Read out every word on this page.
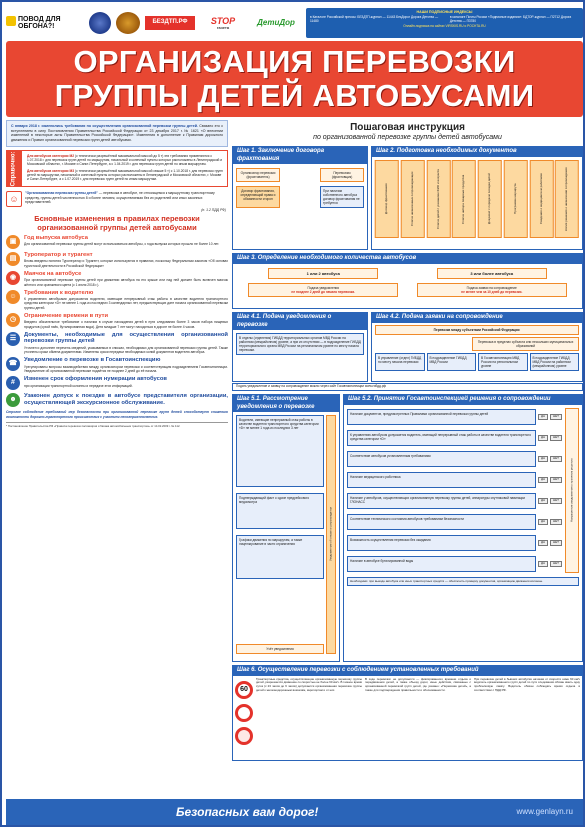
ПОВОД ДЛЯ ОБГОНА?!
БЕЗДТП.РФ	STOP
газета	ДетиДор
НАШИ ПОДПИСНЫЕ ИНДЕКСЫ
в Каталоге Российской прессы: БЕЗДТП-журнал — 11443 БезДорог Дорога Детства — 11480
в каталоге Почты России «Подписные издания»: БДТОР-журнал — П2712 Дорога Детства — П3780
Онлайн-подписка на сайтах VIRSKIS.RU и POCHTA.RU
ОРГАНИЗАЦИЯ ПЕРЕВОЗКИ
ГРУППЫ ДЕТЕЙ АВТОБУСАМИ
С января 2018 г. изменились требования по осуществлению организованной перевозки группы детей. Связано это с вступлением в силу Постановления Правительства Российской Федерации от 23 декабря 2017 г. № 1621 «О внесении изменений в некоторые акты Правительства Российской Федерации». Изменения в дополнение к Правилам дорожного движения и Правил организованной перевозки групп детей автобусами.
Справочно:	Для автобусов категории М2 (с технически разрешённой максимальной массой до 5 т) эти требования применяются с 1.07.2018 г. для перевозок групп детей по маршрутам, начальный и конечный пункты которых расположены в Ленинградской и Московской областях, г. Москве и Санкт-Петербурге, а с 1.04.2019 г. для перевозок групп детей по иным маршрутам.

Для автобусов категории М3 (с технически разрешённой максимальной массой свыше 5 т) с 1.10.2018 г. для перевозок групп детей по маршрутам, начальный и конечный пункты которых расположены в Ленинградской и Московской областях, г. Москве и Санкт-Петербурге, а с 1.07.2019 г. для перевозок групп детей по иным маршрутам.

☺
"Организованная перевозка группы детей" — перевозка в автобусе, не относящемся к маршрутному транспортному средству, группы детей численностью 8 и более человек, осуществляемая без их родителей или иных законных представителей.
(п. 1.2 ПДД РФ)
Бсновные изменения в правилах перевозки организованной группы детей автобусами
▣	Год выпуска автобуса
Для организованной перевозки группы детей могут использоваться автобусы, с года выпуска которых прошло не более 10 лет.
▤	Туроператор и турагент
Вновь введены понятия Туроператор и Турагент, которые используются в правилах, поскольку Федеральным законом «Об основах туристской деятельности в Российской Федерации»
◉	Маячок на автобусе
При организованной перевозке группы детей при движении автобуса на его крыше или над ней должен быть включен маячок жёлтого или оранжевого цвета (с 1 июля 2018 г.).
☺	Требования к водителю
К управлению автобусами допускаются водители, имеющие непрерывный стаж работы в качестве водителя транспортного средства категории «D» не менее 1 года из последних 3 календарных лет, предшествующих дате начала организованной перевозки группы детей.
◷	Ограничение времени в пути
Введено обязательное требование о наличии в случае нахождения детей в пути следования более 3 часов набора пищевых продуктов (сухой паёк, бутилированная вода). Дети младше 7 лет могут находиться в дороге не более 4 часов.
☰	Документы, необходимые для осуществления организованной перевозки группы детей
Уточнен и дополнен перечень сведений, указываемых в списках, необходимых для организованной перевозки группы детей. Также уточнены сроки обмена документами. Изменены сроки передачи необходимых копий документов водителю автобуса.
☎	Уведомление о перевозке в Госавтоинспекцию
Урегулированы вопросы взаимодействия между организатором перевозки и соответствующим подразделением Госавтоинспекции. Уведомление об организованной перевозке подаётся не позднее 2 дней до её начала.
#	Изменен срок оформления нумерации автобусов
при организации транспортной колонны и передаче этих информаций.
☻	Узаконен допуск к поездке в автобусе представителя организации, осуществляющей экскурсионное обслуживание.
Строгое соблюдение требований мер безопасности при организованной перевозке групп детей способствует снижению возможности дорожно-транспортного происшествия с участием несовершеннолетних.
* Постановление Правительства РФ «Правила перевозок пассажиров и багажа автомобильным транспортом» от 14.02.2009 г. № 112.
Пошаговая инструкция
по организованной перевозке группы детей автобусами
Шаг 1. Заключение договора фрахтования
Организатор перевозки (фрахтователь)
Перевозчик (фрахтовщик)
Договор фрахтования, определяющий права и обязанности сторон
При наличии собственного автобуса договор фрахтования не требуется
Шаг 2. Подготовка необходимых документов
Договор фрахтования	Список назначенных сопровождающих	Список детей с указанием ФИО и возраста	Список набора пищевых продуктов	Документ с порядком посадки детей	Программа маршрута	Сведения о медицинском работнике	Копия решения о назначении сопровождения
Шаг 3. Определение необходимого количества автобусов
1 или 2 автобуса	3 или более автобуса
Подача уведомления
не позднее 2 дней до начала перевозки.
Подача заявки на сопровождение
не менее чем за 10 дней до перевозки.
Шаг 4.1. Подача уведомления о перевозке
В отделы (отделения) ГИБДД территориальных органов МВД России на районном (межрайонном) уровне, а при их отсутствии — в подразделение ГИБДД территориального органа МВД России на региональном уровне по месту начала перевозки.
Шаг 4.2. Подача заявки на сопровождение
Перевозка между субъектами Российской Федерации:
Перевозка в пределах субъекта или нескольких муниципальных образований
В управление (отдел) ГИБДД по месту начала перевозки
В подразделение ГИБДД МВД России
В Госавтоинспекцию МВД России на региональном уровне
В подразделение ГИБДД МВД России на районном (межрайонном) уровне
Подать уведомление и заявку на сопровождение можно через сайт Госавтоинспекции www.гибдд.рф
Шаг 5.1. Рассмотрение уведомления о перевозке
Водители, имеющие непрерывный стаж работы в качестве водителя транспортного средства категории «D» не менее 1 года из последних 3 лет
Подтверждающий факт о сдаче предрейсового медосмотра
Графики движения по маршрутам, а также лицензирование в части ограничения
Учёт уведомления
Уведомление об отказе в сопровождении
Шаг 5.2. Принятие Госавтоинспекцией решения о сопровождении
Наличие документов, предусмотренных Правилами организованной перевозки группы детей
ДА	НЕТ
К управлению автобусом допускается водитель, имеющий непрерывный стаж работы в качестве водителя транспортного средства категории «D»	ДА	НЕТ
Соответствие автобусов установленным требованиям
ДА	НЕТ
Наличие медицинского работника
ДА	НЕТ
Наличие у автобусов, осуществляющих организованную перевозку группы детей, аппаратуры спутниковой навигации ГЛОНАСС	ДА	НЕТ
Соответствие технического состояния автобусов требованиям безопасности
ДА	НЕТ
Возможность осуществления перевозки без ожидания
ДА	НЕТ
Наличие в автобусе бутилированной воды
ДА	НЕТ
Направление уведомления о принятом решении
Необходимо: при выезде автобуса или иных транспортных средств — обеспечить проверку документов, организацию движения колонны.
Шаг 6. Осуществление перевозки с соблюдением установленных требований
60
Транспортные средства, осуществляющие организованную перевозку группы детей, разрешается движение со скоростью не более 60 км/ч. В темное время суток (с 23 часов до 6 часов) допускается организованная перевозка группы детей к железнодорожным вокзалам, аэропортам и от них.
В ходе перевозки: не допускается — фиксированного времени отдыха и передвижения детей, а также объезд дорог, иные действия, связанные с организованной перевозкой групп детей, где указано: «Перевозка детей», а также для подтверждения правильности и обоснованности.
При перевозке детей в бывших автобусах начиная от скорости ниже 60 км/ч водитель организованного групп детей по пути следования обязан иметь одну проблесковую лампу. Водитель обязан соблюдать время отдыха в соответствии с ПДД РФ.
Безопасных вам дорог!	www.genlayn.ru
